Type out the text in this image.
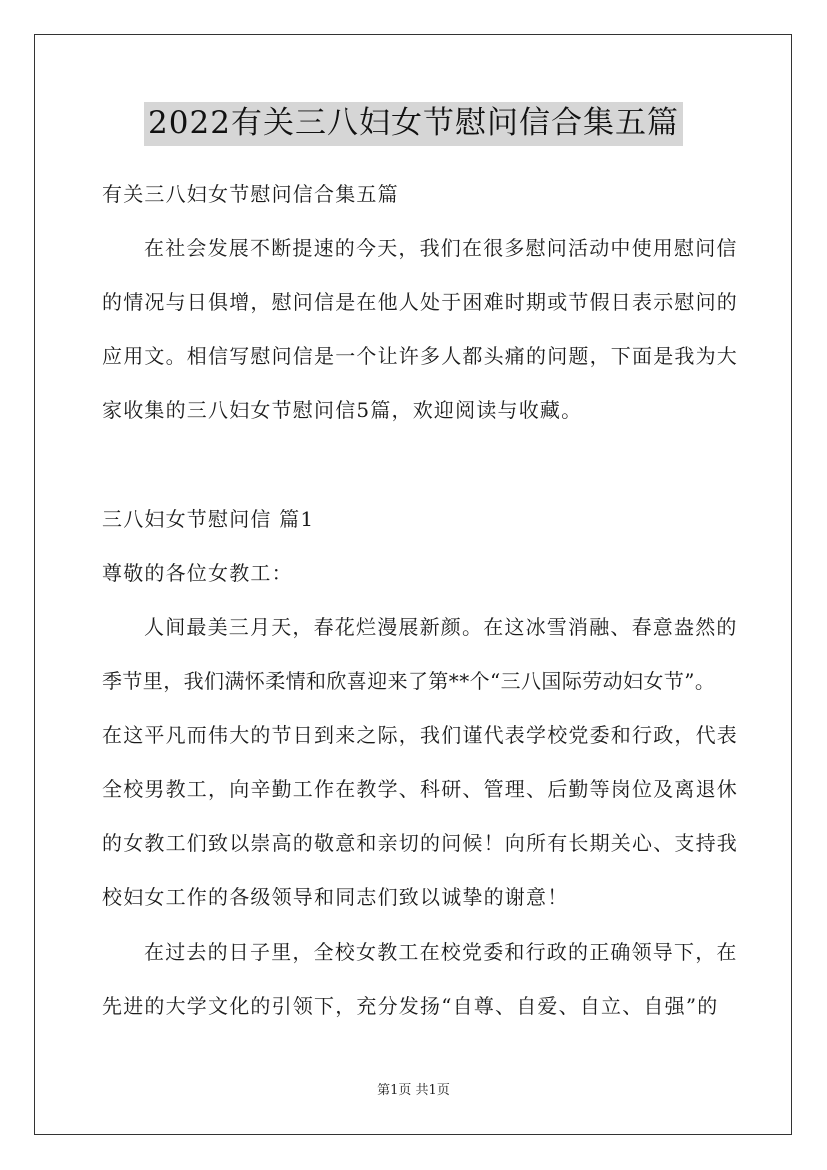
2022有关三八妇女节慰问信合集五篇
有关三八妇女节慰问信合集五篇
在社会发展不断提速的今天，我们在很多慰问活动中使用慰问信
的情况与日俱增，慰问信是在他人处于困难时期或节假日表示慰问的
应用文。相信写慰问信是一个让许多人都头痛的问题，下面是我为大
家收集的三八妇女节慰问信5篇，欢迎阅读与收藏。
三八妇女节慰问信 篇1
尊敬的各位女教工：
人间最美三月天，春花烂漫展新颜。在这冰雪消融、春意盎然的
季节里，我们满怀柔情和欣喜迎来了第**个“三八国际劳动妇女节”。
在这平凡而伟大的节日到来之际，我们谨代表学校党委和行政，代表
全校男教工，向辛勤工作在教学、科研、管理、后勤等岗位及离退休
的女教工们致以崇高的敬意和亲切的问候！向所有长期关心、支持我
校妇女工作的各级领导和同志们致以诚挚的谢意！
在过去的日子里，全校女教工在校党委和行政的正确领导下，在
先进的大学文化的引领下，充分发扬“自尊、自爱、自立、自强”的
第1页 共1页
